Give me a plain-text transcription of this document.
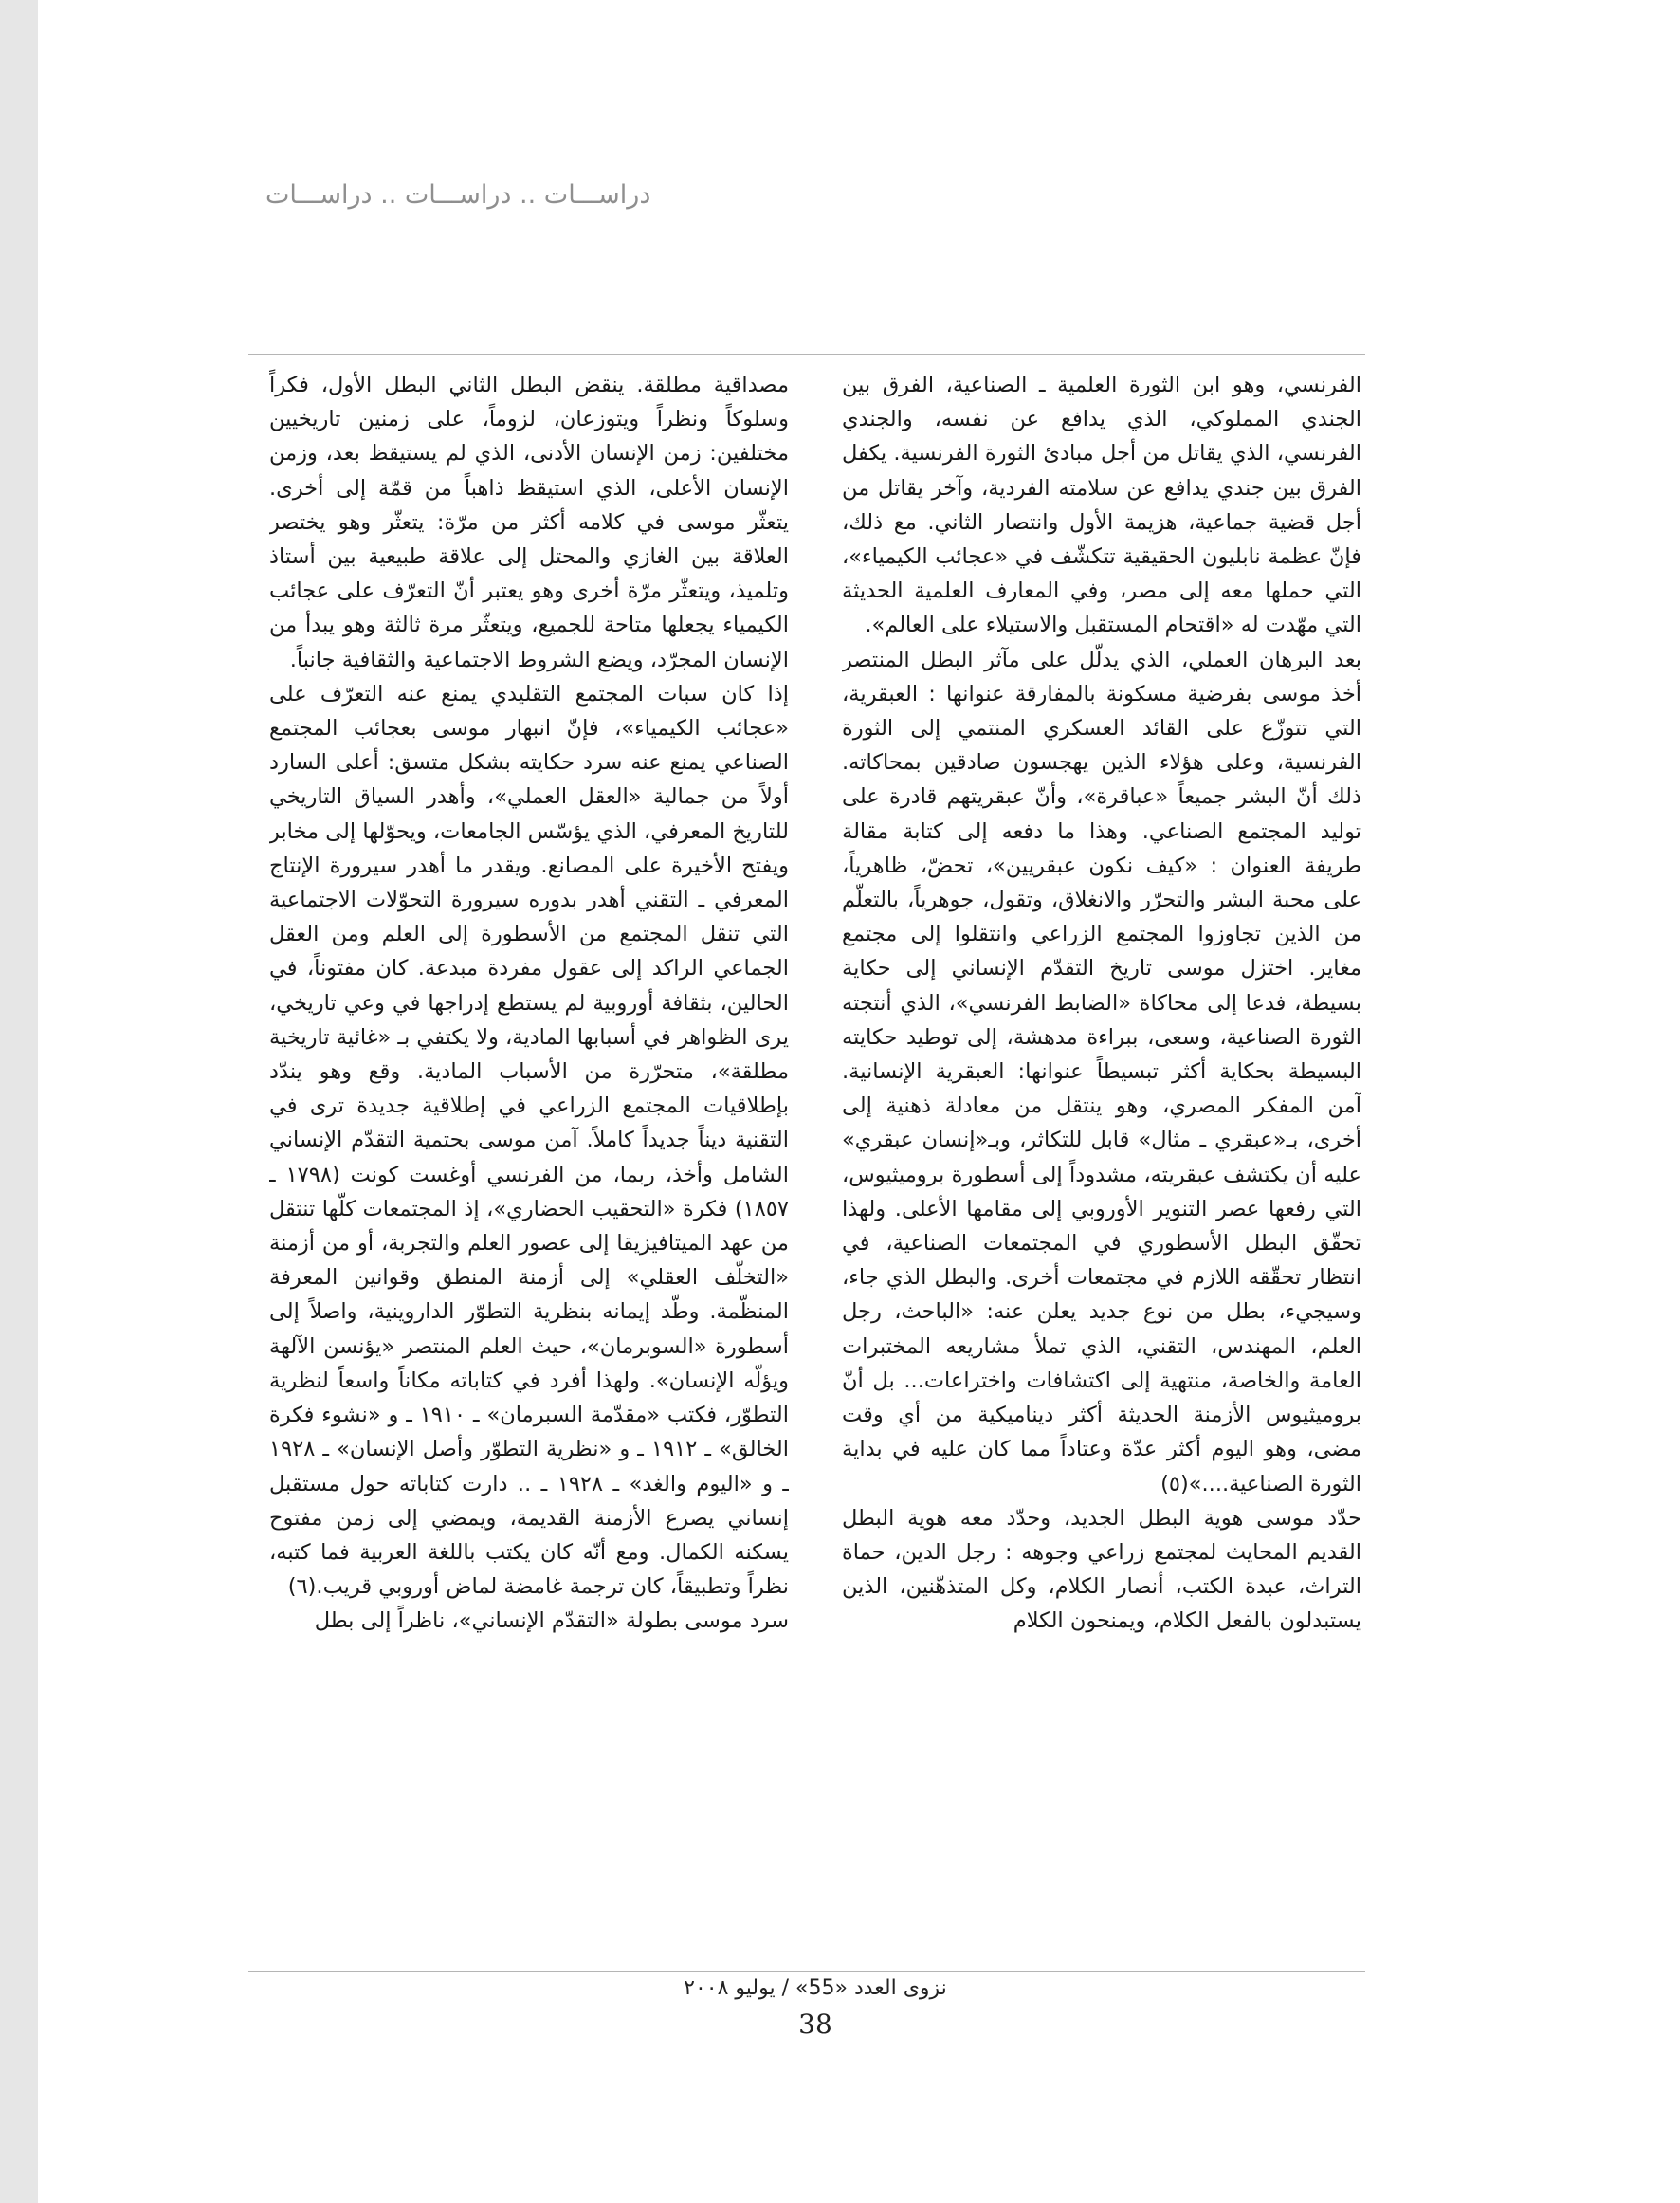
دراســـات .. دراســـات .. دراســـات

الفرنسي، وهو ابن الثورة العلمية ـ الصناعية، الفرق بين الجندي المملوكي، الذي يدافع عن نفسه، والجندي الفرنسي، الذي يقاتل من أجل مبادئ الثورة الفرنسية. يكفل الفرق بين جندي يدافع عن سلامته الفردية، وآخر يقاتل من أجل قضية جماعية، هزيمة الأول وانتصار الثاني. مع ذلك، فإنّ عظمة نابليون الحقيقية تتكشّف في «عجائب الكيمياء»، التي حملها معه إلى مصر، وفي المعارف العلمية الحديثة التي مهّدت له «اقتحام المستقبل والاستيلاء على العالم».

بعد البرهان العملي، الذي يدلّل على مآثر البطل المنتصر أخذ موسى بفرضية مسكونة بالمفارقة عنوانها : العبقرية، التي تتوزّع على القائد العسكري المنتمي إلى الثورة الفرنسية، وعلى هؤلاء الذين يهجسون صادقين بمحاكاته. ذلك أنّ البشر جميعاً «عباقرة»، وأنّ عبقريتهم قادرة على توليد المجتمع الصناعي. وهذا ما دفعه إلى كتابة مقالة طريفة العنوان : «كيف نكون عبقريين»، تحضّ، ظاهرياً، على محبة البشر والتحرّر والانغلاق، وتقول، جوهرياً، بالتعلّم من الذين تجاوزوا المجتمع الزراعي وانتقلوا إلى مجتمع مغاير. اختزل موسى تاريخ التقدّم الإنساني إلى حكاية بسيطة، فدعا إلى محاكاة «الضابط الفرنسي»، الذي أنتجته الثورة الصناعية، وسعى، ببراءة مدهشة، إلى توطيد حكايته البسيطة بحكاية أكثر تبسيطاً عنوانها: العبقرية الإنسانية. آمن المفكر المصري، وهو ينتقل من معادلة ذهنية إلى أخرى، بـ«عبقري ـ مثال» قابل للتكاثر، وبـ«إنسان عبقري» عليه أن يكتشف عبقريته، مشدوداً إلى أسطورة بروميثيوس، التي رفعها عصر التنوير الأوروبي إلى مقامها الأعلى. ولهذا تحقّق البطل الأسطوري في المجتمعات الصناعية، في انتظار تحقّقه اللازم في مجتمعات أخرى. والبطل الذي جاء، وسيجيء، بطل من نوع جديد يعلن عنه: «الباحث، رجل العلم، المهندس، التقني، الذي تملأ مشاريعه المختبرات العامة والخاصة، منتهية إلى اكتشافات واختراعات... بل أنّ بروميثيوس الأزمنة الحديثة أكثر ديناميكية من أي وقت مضى، وهو اليوم أكثر عدّة وعتاداً مما كان عليه في بداية الثورة الصناعية....»(٥)

حدّد موسى هوية البطل الجديد، وحدّد معه هوية البطل القديم المحايث لمجتمع زراعي وجوهه : رجل الدين، حماة التراث، عبدة الكتب، أنصار الكلام، وكل المتذهّنين، الذين يستبدلون بالفعل الكلام، ويمنحون الكلام

مصداقية مطلقة. ينقض البطل الثاني البطل الأول، فكراً وسلوكاً ونظراً ويتوزعان، لزوماً، على زمنين تاريخيين مختلفين: زمن الإنسان الأدنى، الذي لم يستيقظ بعد، وزمن الإنسان الأعلى، الذي استيقظ ذاهباً من قمّة إلى أخرى. يتعثّر موسى في كلامه أكثر من مرّة: يتعثّر وهو يختصر العلاقة بين الغازي والمحتل إلى علاقة طبيعية بين أستاذ وتلميذ، ويتعثّر مرّة أخرى وهو يعتبر أنّ التعرّف على عجائب الكيمياء يجعلها متاحة للجميع، ويتعثّر مرة ثالثة وهو يبدأ من الإنسان المجرّد، ويضع الشروط الاجتماعية والثقافية جانباً.

إذا كان سبات المجتمع التقليدي يمنع عنه التعرّف على «عجائب الكيمياء»، فإنّ انبهار موسى بعجائب المجتمع الصناعي يمنع عنه سرد حكايته بشكل متسق: أعلى السارد أولاً من جمالية «العقل العملي»، وأهدر السياق التاريخي للتاريخ المعرفي، الذي يؤسّس الجامعات، ويحوّلها إلى مخابر ويفتح الأخيرة على المصانع. ويقدر ما أهدر سيرورة الإنتاج المعرفي ـ التقني أهدر بدوره سيرورة التحوّلات الاجتماعية التي تنقل المجتمع من الأسطورة إلى العلم ومن العقل الجماعي الراكد إلى عقول مفردة مبدعة. كان مفتوناً، في الحالين، بثقافة أوروبية لم يستطع إدراجها في وعي تاريخي، يرى الظواهر في أسبابها المادية، ولا يكتفي بـ «غائية تاريخية مطلقة»، متحرّرة من الأسباب المادية. وقع وهو يندّد بإطلاقيات المجتمع الزراعي في إطلاقية جديدة ترى في التقنية ديناً جديداً كاملاً. آمن موسى بحتمية التقدّم الإنساني الشامل وأخذ، ربما، من الفرنسي أوغست كونت (١٧٩٨ ـ ١٨٥٧) فكرة «التحقيب الحضاري»، إذ المجتمعات كلّها تنتقل من عهد الميتافيزيقا إلى عصور العلم والتجربة، أو من أزمنة «التخلّف العقلي» إلى أزمنة المنطق وقوانين المعرفة المنظّمة. وطّد إيمانه بنظرية التطوّر الداروينية، واصلاً إلى أسطورة «السوبرمان»، حيث العلم المنتصر «يؤنسن الآلهة ويؤلّه الإنسان». ولهذا أفرد في كتاباته مكاناً واسعاً لنظرية التطوّر، فكتب «مقدّمة السبرمان» ـ ١٩١٠ ـ و «نشوء فكرة الخالق» ـ ١٩١٢ ـ و «نظرية التطوّر وأصل الإنسان» ـ ١٩٢٨ ـ و «اليوم والغد» ـ ١٩٢٨ ـ .. دارت كتاباته حول مستقبل إنساني يصرع الأزمنة القديمة، ويمضي إلى زمن مفتوح يسكنه الكمال. ومع أنّه كان يكتب باللغة العربية فما كتبه، نظراً وتطبيقاً، كان ترجمة غامضة لماض أوروبي قريب.(٦)

سرد موسى بطولة «التقدّم الإنساني»، ناظراً إلى بطل

نزوى العدد «55» / يوليو ٢٠٠٨
38
